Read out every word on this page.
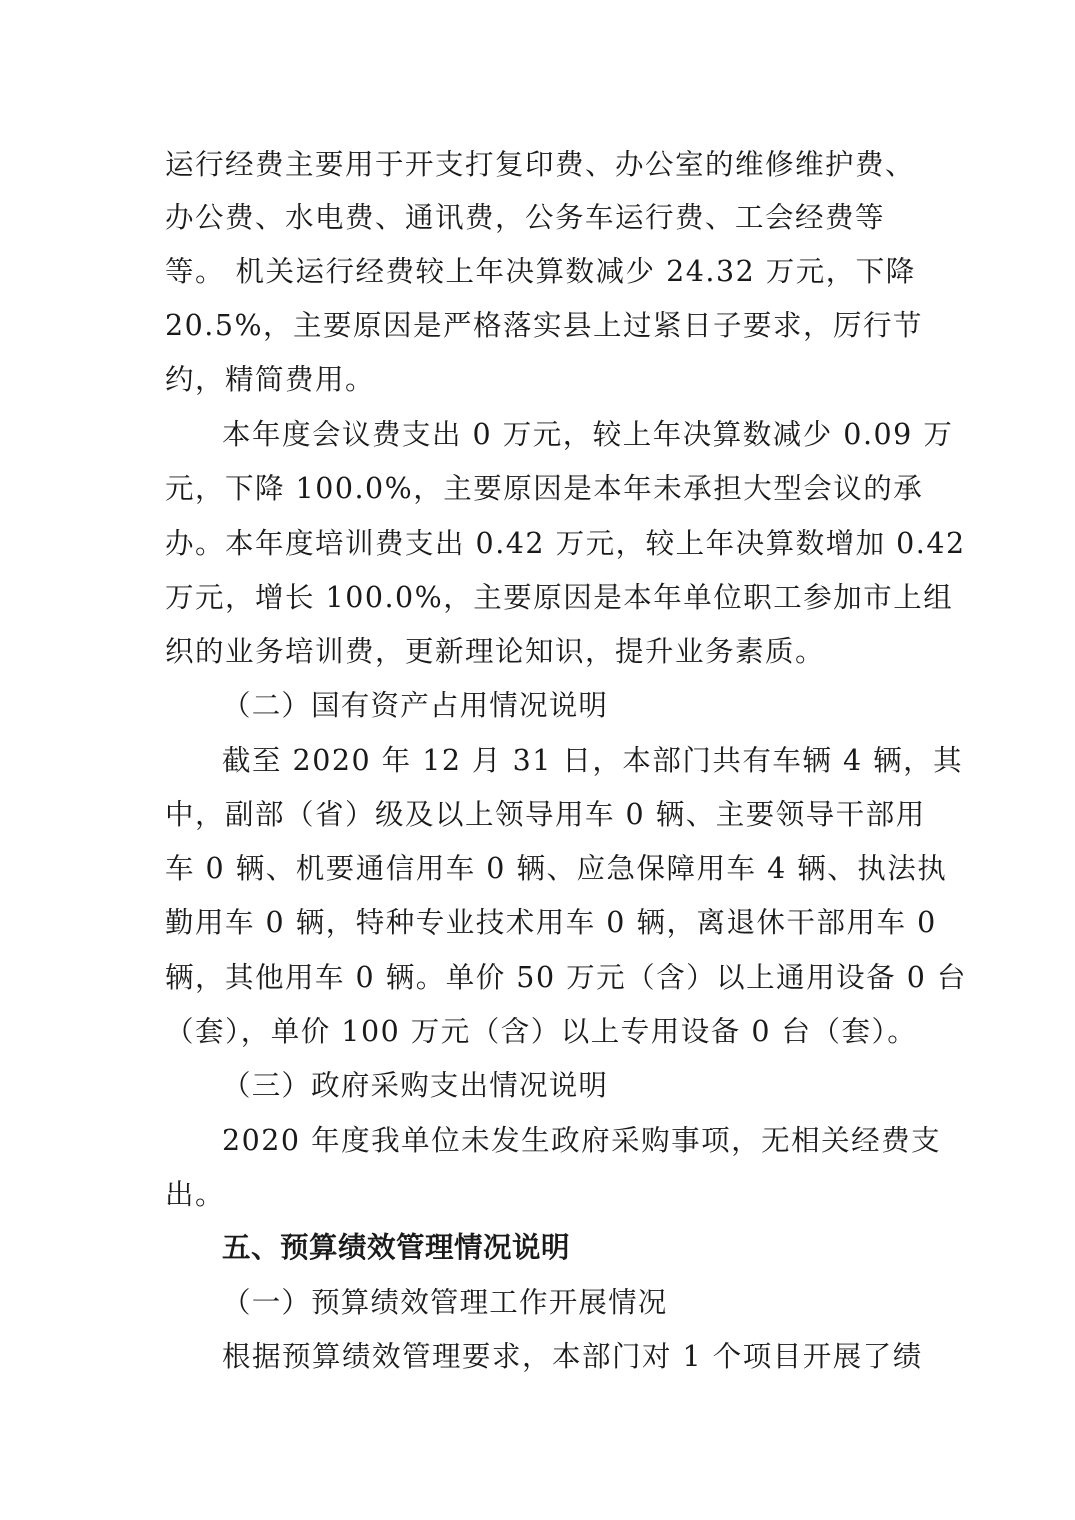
运行经费主要用于开支打复印费、办公室的维修维护费、
办公费、水电费、通讯费，公务车运行费、工会经费等
等。 机关运行经费较上年决算数减少 24.32 万元，下降
20.5%，主要原因是严格落实县上过紧日子要求，厉行节
约，精简费用。
本年度会议费支出 0 万元，较上年决算数减少 0.09 万
元，下降 100.0%，主要原因是本年未承担大型会议的承
办。本年度培训费支出 0.42 万元，较上年决算数增加 0.42
万元，增长 100.0%，主要原因是本年单位职工参加市上组
织的业务培训费，更新理论知识，提升业务素质。
（二）国有资产占用情况说明
截至 2020 年 12 月 31 日，本部门共有车辆 4 辆，其
中，副部（省）级及以上领导用车 0 辆、主要领导干部用
车 0 辆、机要通信用车 0 辆、应急保障用车 4 辆、执法执
勤用车 0 辆，特种专业技术用车 0 辆，离退休干部用车 0
辆，其他用车 0 辆。单价 50 万元（含）以上通用设备 0 台
（套），单价 100 万元（含）以上专用设备 0 台（套）。
（三）政府采购支出情况说明
2020 年度我单位未发生政府采购事项，无相关经费支
出。
五、预算绩效管理情况说明
（一）预算绩效管理工作开展情况
根据预算绩效管理要求，本部门对 1 个项目开展了绩
